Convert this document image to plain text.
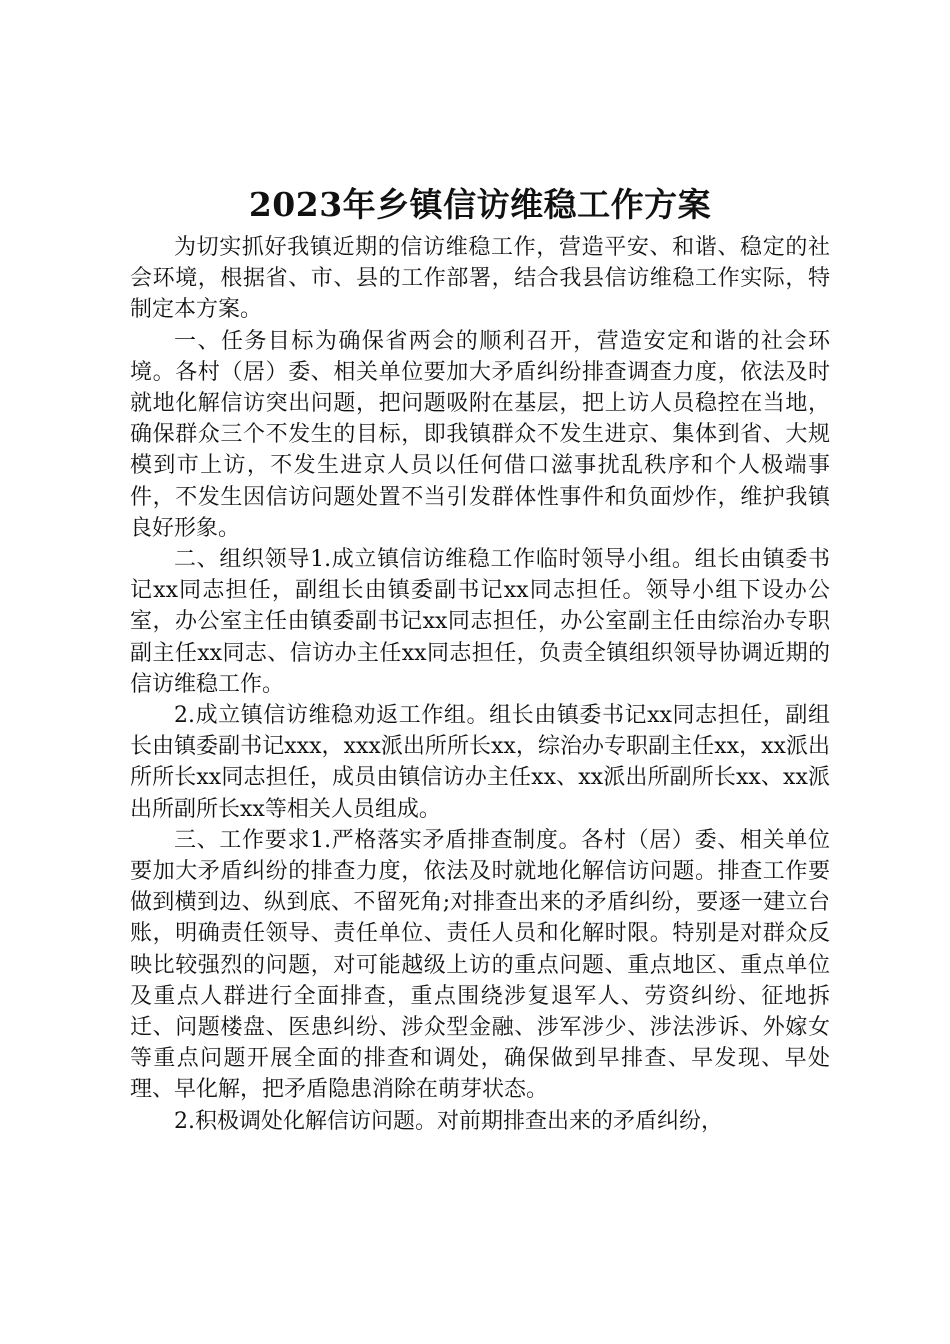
2023年乡镇信访维稳工作方案

为切实抓好我镇近期的信访维稳工作，营造平安、和谐、稳定的社会环境，根据省、市、县的工作部署，结合我县信访维稳工作实际，特制定本方案。

一、任务目标为确保省两会的顺利召开，营造安定和谐的社会环境。各村（居）委、相关单位要加大矛盾纠纷排查调查力度，依法及时就地化解信访突出问题，把问题吸附在基层，把上访人员稳控在当地，确保群众三个不发生的目标，即我镇群众不发生进京、集体到省、大规模到市上访，不发生进京人员以任何借口滋事扰乱秩序和个人极端事件，不发生因信访问题处置不当引发群体性事件和负面炒作，维护我镇良好形象。

二、组织领导1.成立镇信访维稳工作临时领导小组。组长由镇委书记xx同志担任，副组长由镇委副书记xx同志担任。领导小组下设办公室，办公室主任由镇委副书记xx同志担任，办公室副主任由综治办专职副主任xx同志、信访办主任xx同志担任，负责全镇组织领导协调近期的信访维稳工作。

2.成立镇信访维稳劝返工作组。组长由镇委书记xx同志担任，副组长由镇委副书记xxx，xxx派出所所长xx，综治办专职副主任xx，xx派出所所长xx同志担任，成员由镇信访办主任xx、xx派出所副所长xx、xx派出所副所长xx等相关人员组成。

三、工作要求1.严格落实矛盾排查制度。各村（居）委、相关单位要加大矛盾纠纷的排查力度，依法及时就地化解信访问题。排查工作要做到横到边、纵到底、不留死角;对排查出来的矛盾纠纷，要逐一建立台账，明确责任领导、责任单位、责任人员和化解时限。特别是对群众反映比较强烈的问题，对可能越级上访的重点问题、重点地区、重点单位及重点人群进行全面排查，重点围绕涉复退军人、劳资纠纷、征地拆迁、问题楼盘、医患纠纷、涉众型金融、涉军涉少、涉法涉诉、外嫁女等重点问题开展全面的排查和调处，确保做到早排查、早发现、早处理、早化解，把矛盾隐患消除在萌芽状态。

2.积极调处化解信访问题。对前期排查出来的矛盾纠纷，
